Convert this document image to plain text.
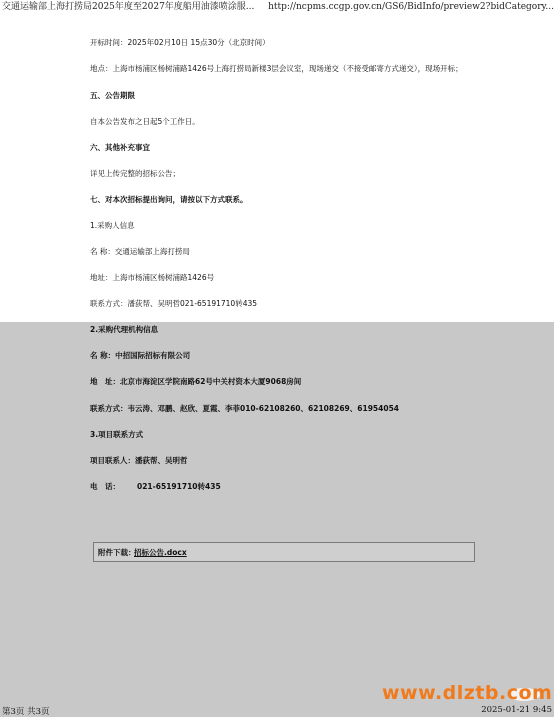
交通运输部上海打捞局2025年度至2027年度船用油漆喷涂服... http://ncpms.ccgp.gov.cn/GS6/BidInfo/preview2?bidCategory...
开标时间：2025年02月10日 15点30分（北京时间）
地点：上海市杨浦区杨树浦路1426号上海打捞局新楼3层会议室，现场递交（不接受邮寄方式递交），现场开标；
五、公告期限
自本公告发布之日起5个工作日。
六、其他补充事宜
详见上传完整的招标公告；
七、对本次招标提出询问，请按以下方式联系。
1.采购人信息
名 称：交通运输部上海打捞局
地址：上海市杨浦区杨树浦路1426号
联系方式：潘荻帮、吴明哲021-65191710转435
2.采购代理机构信息
名 称：中招国际招标有限公司
地　址：北京市海淀区学院南路62号中关村资本大厦9068房间
联系方式：韦云涛、邓鹏、赵欣、夏霞、李菲010-62108260、62108269、61954054
3.项目联系方式
项目联系人：潘荻帮、吴明哲
电　话： 021-65191710转435
附件下载：
招标公告.docx
第3页 共3页	2025-01-21 9:45
www.dlztb.com
